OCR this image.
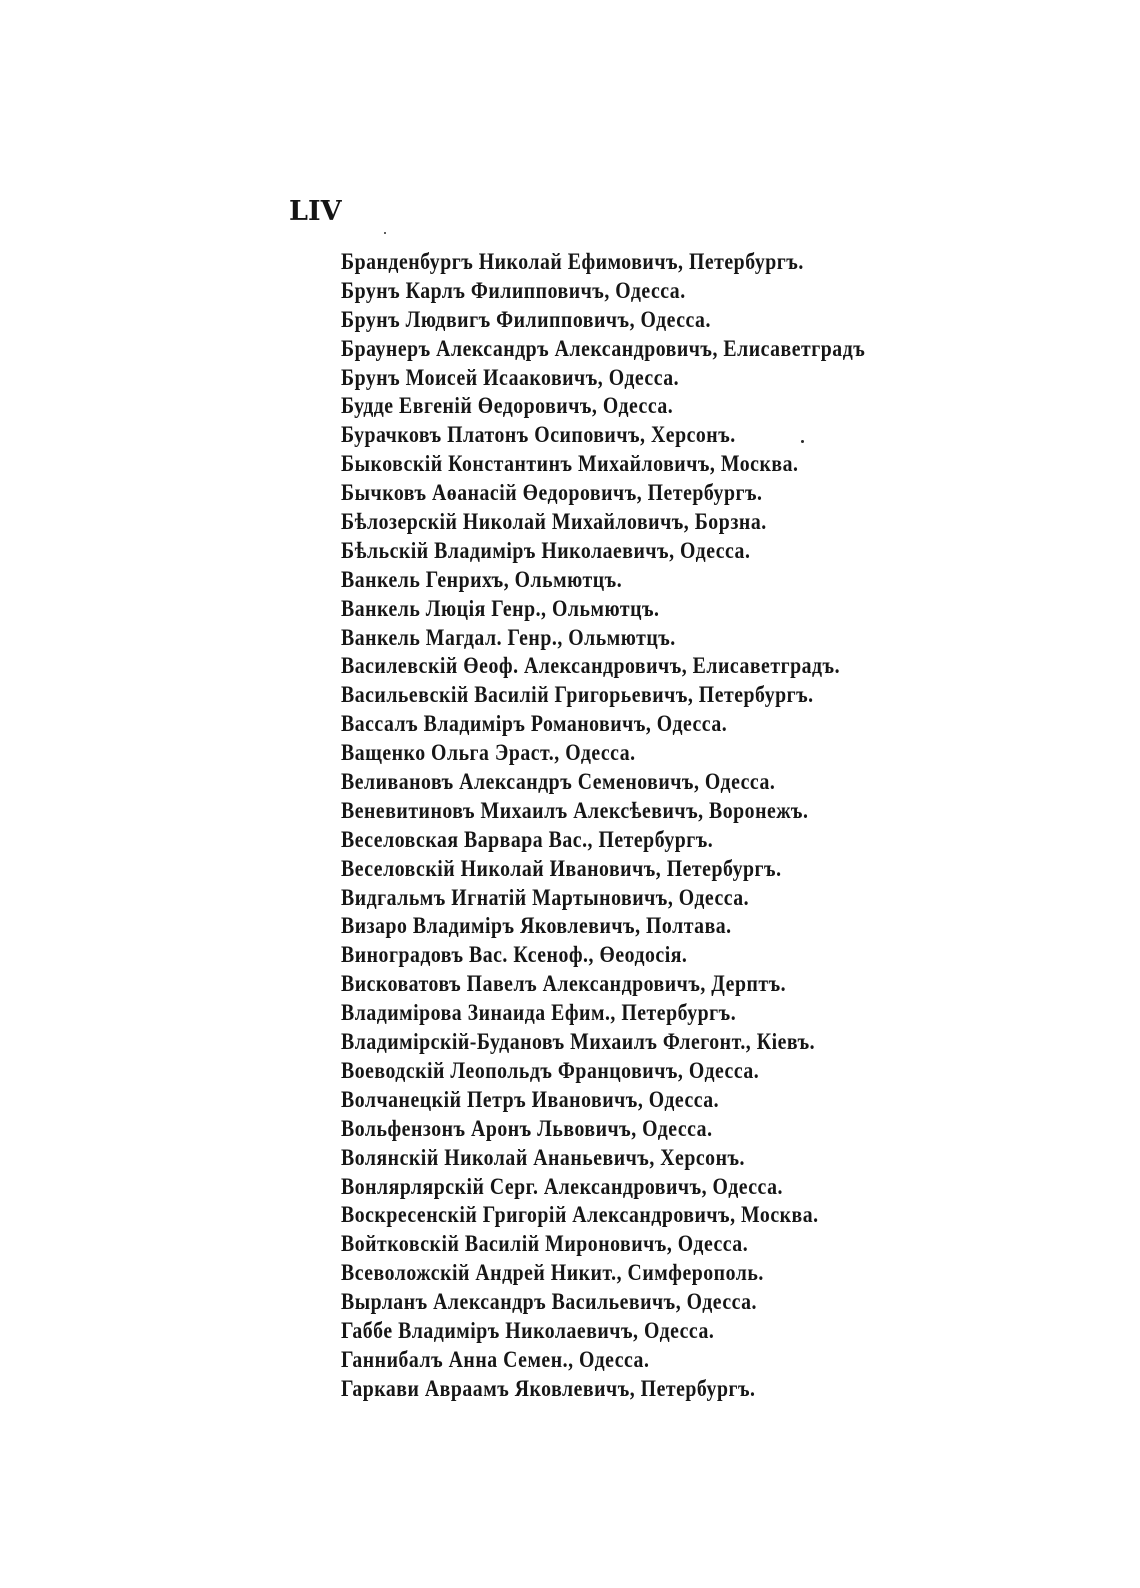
LIV
Бранденбургъ Николай Ефимовичъ, Петербургъ.
Брунъ Карлъ Филипповичъ, Одесса.
Брунъ Людвигъ Филипповичъ, Одесса.
Браунеръ Александръ Александровичъ, Елисаветградъ
Брунъ Моисей Исааковичъ, Одесса.
Будде Евгеній Өедоровичъ, Одесса.
Бурачковъ Платонъ Осиповичъ, Херсонъ.
Быковскій Константинъ Михайловичъ, Москва.
Бычковъ Аөанасій Өедоровичъ, Петербургъ.
Бѣлозерскій Николай Михайловичъ, Борзна.
Бѣльскій Владиміръ Николаевичъ, Одесса.
Ванкель Генрихъ, Ольмютцъ.
Ванкель Люція Генр., Ольмютцъ.
Ванкель Магдал. Генр., Ольмютцъ.
Василевскій Өеоф. Александровичъ, Елисаветградъ.
Васильевскій Василій Григорьевичъ, Петербургъ.
Вассалъ Владиміръ Романовичъ, Одесса.
Ващенко Ольга Эраст., Одесса.
Веливановъ Александръ Семеновичъ, Одесса.
Веневитиновъ Михаилъ Алексѣевичъ, Воронежъ.
Веселовская Варвара Вас., Петербургъ.
Веселовскій Николай Ивановичъ, Петербургъ.
Видгальмъ Игнатій Мартыновичъ, Одесса.
Визаро Владиміръ Яковлевичъ, Полтава.
Виноградовъ Вас. Ксеноф., Өеодосія.
Висковатовъ Павелъ Александровичъ, Дерптъ.
Владимірова Зинаида Ефим., Петербургъ.
Владимірскій-Будановъ Михаилъ Флегонт., Кіевъ.
Воеводскій Леопольдъ Францовичъ, Одесса.
Волчанецкій Петръ Ивановичъ, Одесса.
Вольфензонъ Аронъ Львовичъ, Одесса.
Волянскій Николай Ананьевичъ, Херсонъ.
Вонлярлярскій Серг. Александровичъ, Одесса.
Воскресенскій Григорій Александровичъ, Москва.
Войтковскій Василій Мироновичъ, Одесса.
Всеволожскій Андрей Никит., Симферополь.
Вырланъ Александръ Васильевичъ, Одесса.
Габбе Владиміръ Николаевичъ, Одесса.
Ганнибалъ Анна Семен., Одесса.
Гаркави Авраамъ Яковлевичъ, Петербургъ.
